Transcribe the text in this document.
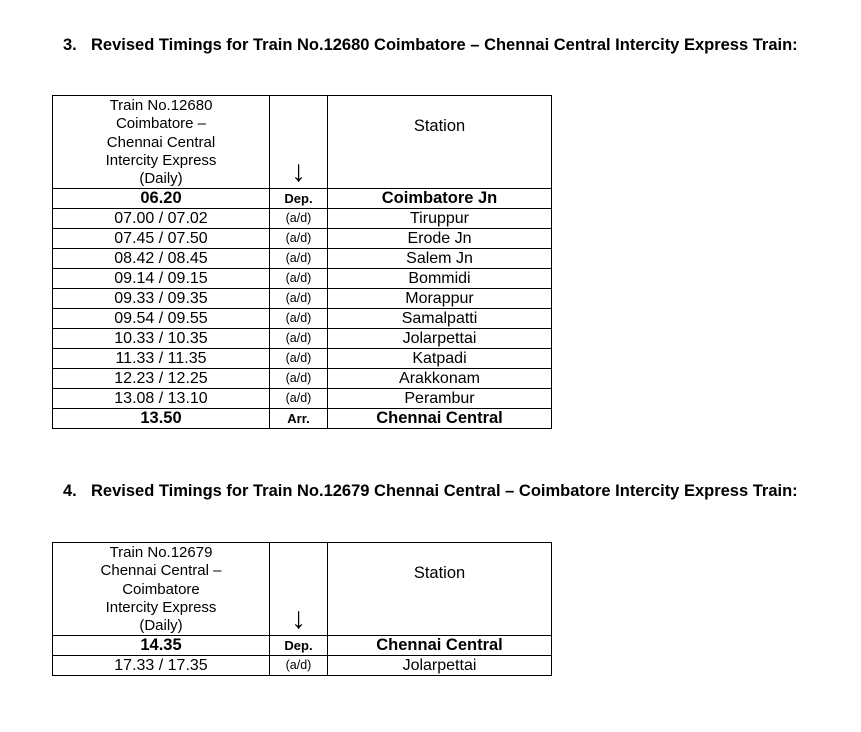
3. Revised Timings for Train No.12680 Coimbatore – Chennai Central Intercity Express Train:
Train No.12680
Coimbatore –
Chennai Central
Intercity Express
(Daily)	↓	Station

06.20	Dep.	Coimbatore Jn
07.00 / 07.02	(a/d)	Tiruppur
07.45 / 07.50	(a/d)	Erode Jn
08.42 / 08.45	(a/d)	Salem Jn
09.14 / 09.15	(a/d)	Bommidi
09.33 / 09.35	(a/d)	Morappur
09.54 / 09.55	(a/d)	Samalpatti
10.33 / 10.35	(a/d)	Jolarpettai
11.33 / 11.35	(a/d)	Katpadi
12.23 / 12.25	(a/d)	Arakkonam
13.08 / 13.10	(a/d)	Perambur
13.50	Arr.	Chennai Central
4. Revised Timings for Train No.12679 Chennai Central – Coimbatore Intercity Express Train:
Train No.12679
Chennai Central –
Coimbatore
Intercity Express
(Daily)	↓	Station

14.35	Dep.	Chennai Central
17.33 / 17.35	(a/d)	Jolarpettai
